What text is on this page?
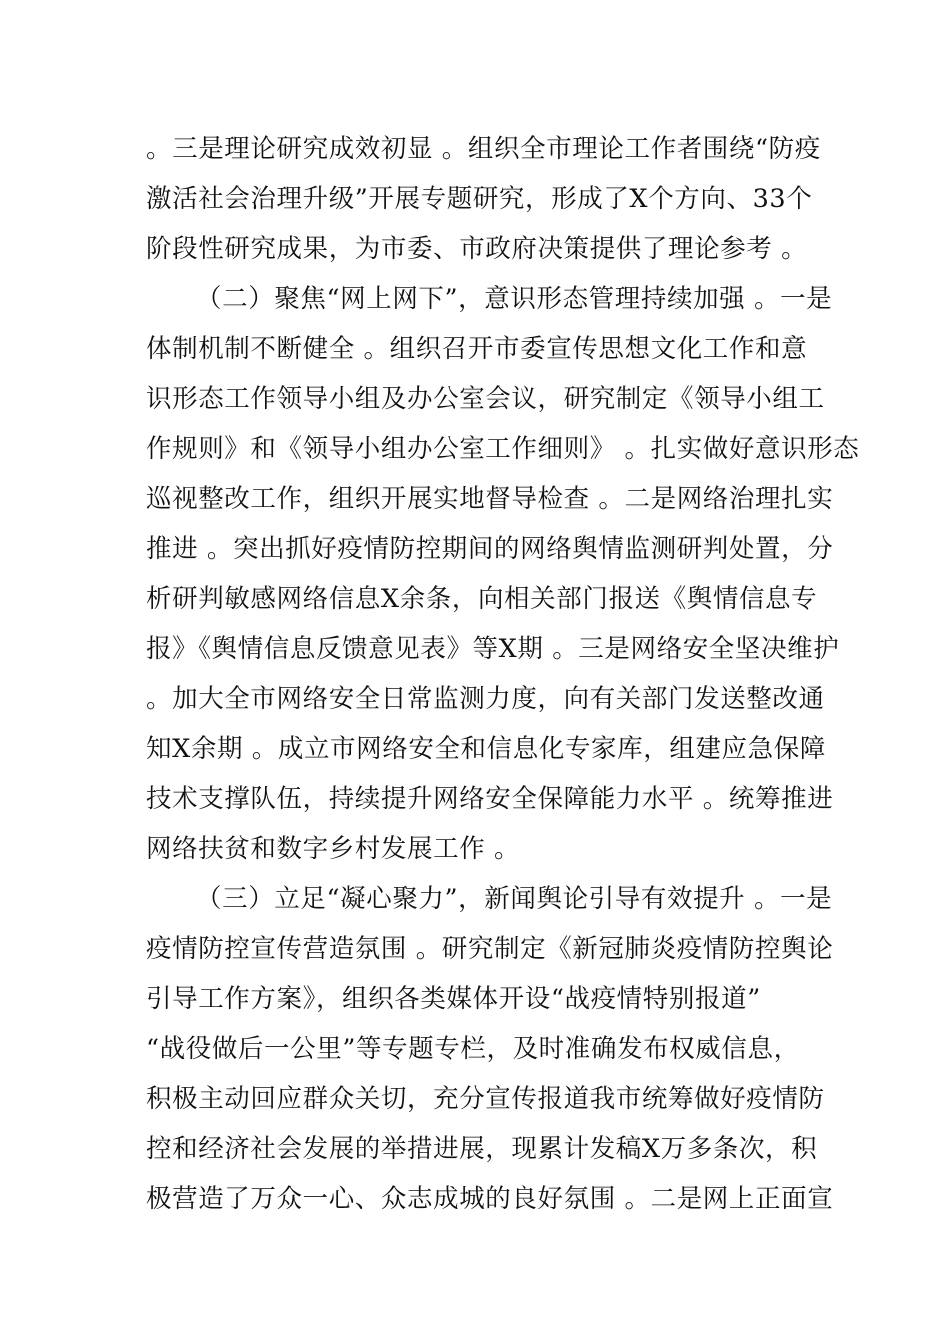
。三是理论研究成效初显 。组织全市理论工作者围绕“防疫
激活社会治理升级”开展专题研究，形成了X个方向、33个
阶段性研究成果，为市委、市政府决策提供了理论参考 。
（二）聚焦“网上网下”，意识形态管理持续加强 。一是
体制机制不断健全 。组织召开市委宣传思想文化工作和意
识形态工作领导小组及办公室会议，研究制定《领导小组工
作规则》和《领导小组办公室工作细则》 。扎实做好意识形态
巡视整改工作，组织开展实地督导检查 。二是网络治理扎实
推进 。突出抓好疫情防控期间的网络舆情监测研判处置，分
析研判敏感网络信息X余条，向相关部门报送《舆情信息专
报》《舆情信息反馈意见表》等X期 。三是网络安全坚决维护
。加大全市网络安全日常监测力度，向有关部门发送整改通
知X余期 。成立市网络安全和信息化专家库，组建应急保障
技术支撑队伍，持续提升网络安全保障能力水平 。统筹推进
网络扶贫和数字乡村发展工作 。
（三）立足“凝心聚力”，新闻舆论引导有效提升 。一是
疫情防控宣传营造氛围 。研究制定《新冠肺炎疫情防控舆论
引导工作方案》，组织各类媒体开设“战疫情特别报道”
“战役做后一公里”等专题专栏，及时准确发布权威信息，
积极主动回应群众关切，充分宣传报道我市统筹做好疫情防
控和经济社会发展的举措进展，现累计发稿X万多条次，积
极营造了万众一心、众志成城的良好氛围 。二是网上正面宣
